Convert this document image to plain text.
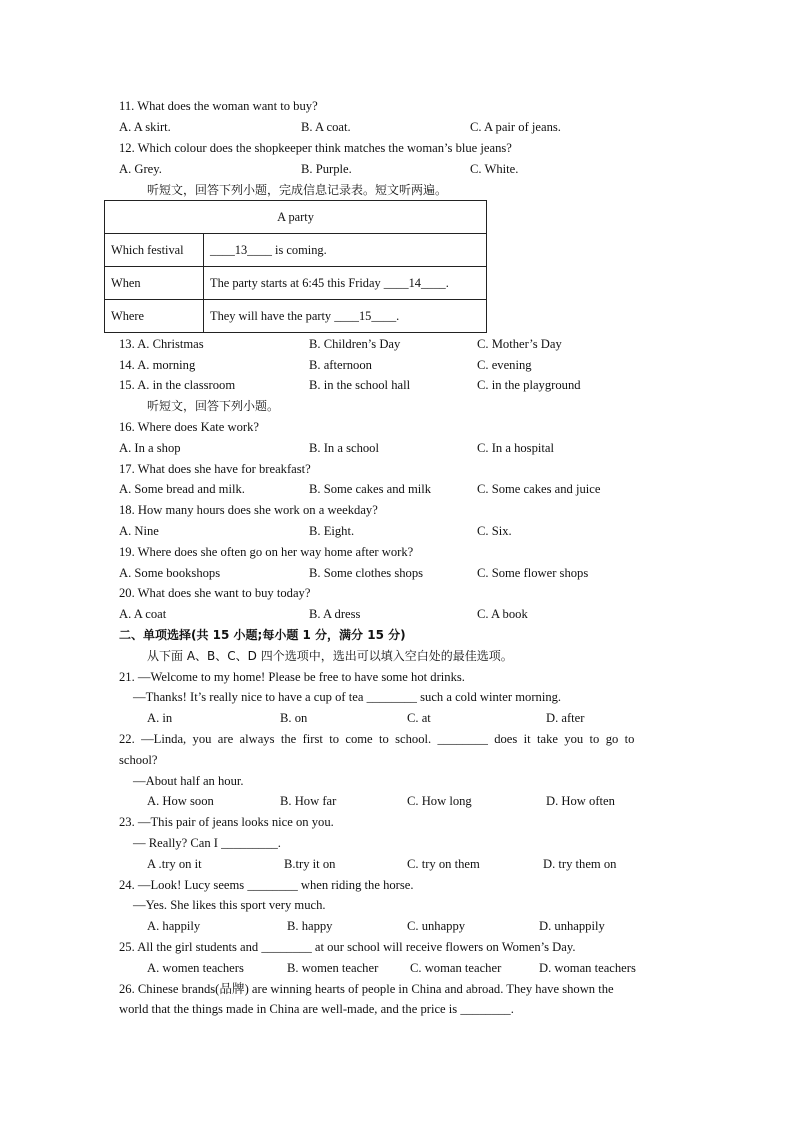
11. What does the woman want to buy?
A. A skirt.	B. A coat.	C. A pair of jeans.
12. Which colour does the shopkeeper think matches the woman’s blue jeans?
A. Grey.	B. Purple.	C. White.
听短文，回答下列小题，完成信息记录表。短文听两遍。
A party	
Which festival	____13____ is coming.
When	The party starts at 6:45 this Friday ____14____.
Where	They will have the party ____15____.
13. A. Christmas	B. Children’s Day	C. Mother’s Day
14. A. morning	B. afternoon	C. evening
15. A. in the classroom	B. in the school hall	C. in the playground
听短文，回答下列小题。
16. Where does Kate work?
A. In a shop	B. In a school	C. In a hospital
17. What does she have for breakfast?
A. Some bread and milk.	B. Some cakes and milk	C. Some cakes and juice
18. How many hours does she work on a weekday?
A. Nine	B. Eight.	C. Six.
19. Where does she often go on her way home after work?
A. Some bookshops	B. Some clothes shops	C. Some flower shops
20. What does she want to buy today?
A. A coat	B. A dress	C. A book
二、单项选择(共 15 小题;每小题 1 分，满分 15 分)
从下面 A、B、C、D 四个选项中，选出可以填入空白处的最佳选项。
21. —Welcome to my home! Please be free to have some hot drinks.
—Thanks! It’s really nice to have a cup of tea ________ such a cold winter morning.
A. in	B. on	C. at	D. after
22. —Linda, you are always the first to come to school. ________ does it take you to go to
school?
—About half an hour.
A. How soon	B. How far	C. How long	D. How often
23. —This pair of jeans looks nice on you.
— Really? Can I _________.
A .try on it	B.try it on	C. try on them	D. try them on
24. —Look! Lucy seems ________ when riding the horse.
—Yes. She likes this sport very much.
A. happily	B. happy	C. unhappy	D. unhappily
25. All the girl students and ________ at our school will receive flowers on Women’s Day.
A. women teachers	B. women teacher	C. woman teacher	D. woman teachers
26. Chinese brands(品牌) are winning hearts of people in China and abroad. They have shown the
world that the things made in China are well-made, and the price is ________.
